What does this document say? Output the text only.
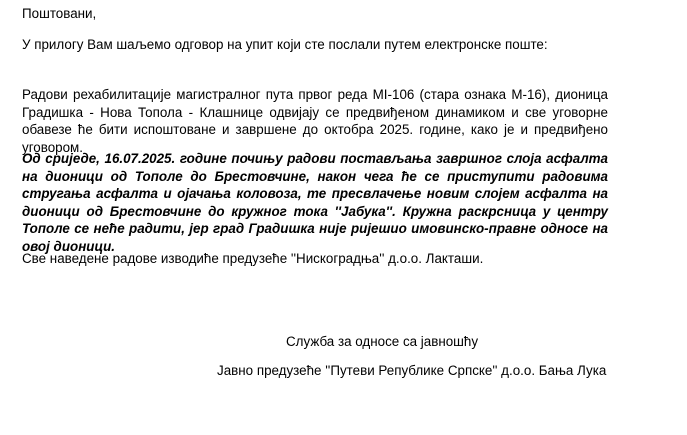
Поштовани,
У прилогу Вам шаљемо одговор на упит који сте послали путем електронске поште:
Радови рехабилитације магистралног пута првог реда МI-106 (стара ознака М-16), дионица Градишка - Нова Топола - Клашнице одвијају се предвиђеном динамиком и све уговорне обавезе ће бити испоштоване и завршене до октобра 2025. године, како је и предвиђено уговором.
Од сриједе, 16.07.2025. године почињу радови постављања завршног слоја асфалта на дионици од Тополе до Брестовчине, након чега ће се приступити радовима стругања асфалта и ојачања коловоза, те пресвлачење новим слојем асфалта на дионици од Брестовчине до кружног тока ''Јабука''. Кружна раскрсница у центру Тополе се неће радити, јер град Градишка није ријешио имовинско-правне односе на овој дионици.
Све наведене радове изводиће предузеће ''Нискоградња'' д.о.о. Лакташи.
Служба за односе са јавношћу
Јавно предузеће ''Путеви Републике Српске'' д.о.о. Бања Лука
